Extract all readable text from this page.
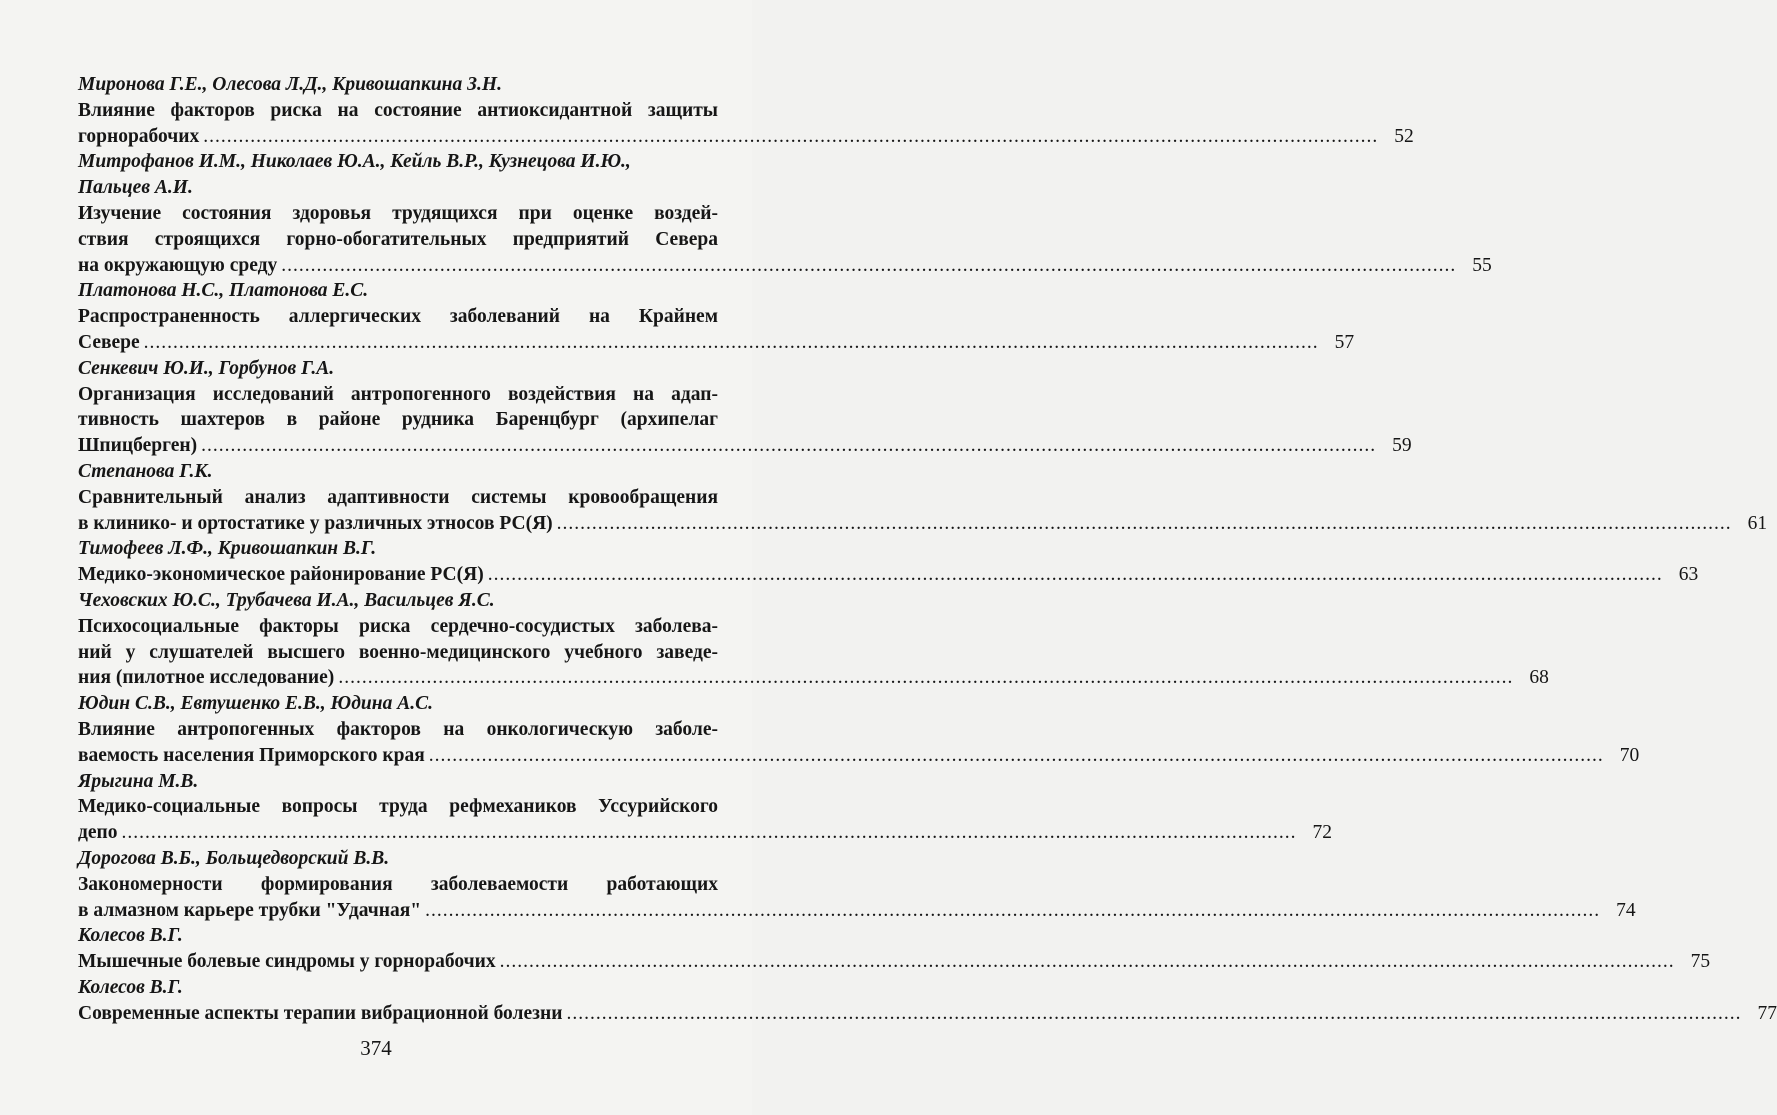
Миронова Г.Е., Олесова Л.Д., Кривошапкина З.Н.
Влияние факторов риска на состояние антиоксидантной защиты
горнорабочих ........................................................................................................................................................................................................ 52
Митрофанов И.М., Николаев Ю.А., Кейль В.Р., Кузнецова И.Ю.,
Пальцев А.И.
Изучение состояния здоровья трудящихся при оценке воздей-
ствия строящихся горно-обогатительных предприятий Севера
на окружающую среду ........................................................................................................................................................................................................ 55
Платонова Н.С., Платонова Е.С.
Распространенность аллергических заболеваний на Крайнем
Севере ........................................................................................................................................................................................................ 57
Сенкевич Ю.И., Горбунов Г.А.
Организация исследований антропогенного воздействия на адап-
тивность шахтеров в районе рудника Баренцбург (архипелаг
Шпицберген) ........................................................................................................................................................................................................ 59
Степанова Г.К.
Сравнительный анализ адаптивности системы кровообращения
в клинико- и ортостатике у различных этносов РС(Я) ........................................................................................................................................................................................................ 61
Тимофеев Л.Ф., Кривошапкин В.Г.
Медико-экономическое районирование РС(Я) ........................................................................................................................................................................................................ 63
Чеховских Ю.С., Трубачева И.А., Васильцев Я.С.
Психосоциальные факторы риска сердечно-сосудистых заболева-
ний у слушателей высшего военно-медицинского учебного заведе-
ния (пилотное исследование) ........................................................................................................................................................................................................ 68
Юдин С.В., Евтушенко Е.В., Юдина А.С.
Влияние антропогенных факторов на онкологическую заболе-
ваемость населения Приморского края ........................................................................................................................................................................................................ 70
Ярыгина М.В.
Медико-социальные вопросы труда рефмехаников Уссурийского
депо ........................................................................................................................................................................................................ 72
Дорогова В.Б., Больщедворский В.В.
Закономерности формирования заболеваемости работающих
в алмазном карьере трубки "Удачная" ........................................................................................................................................................................................................ 74
Колесов В.Г.
Мышечные болевые синдромы у горнорабочих ........................................................................................................................................................................................................ 75
Колесов В.Г.
Современные аспекты терапии вибрационной болезни ........................................................................................................................................................................................................ 77
374
